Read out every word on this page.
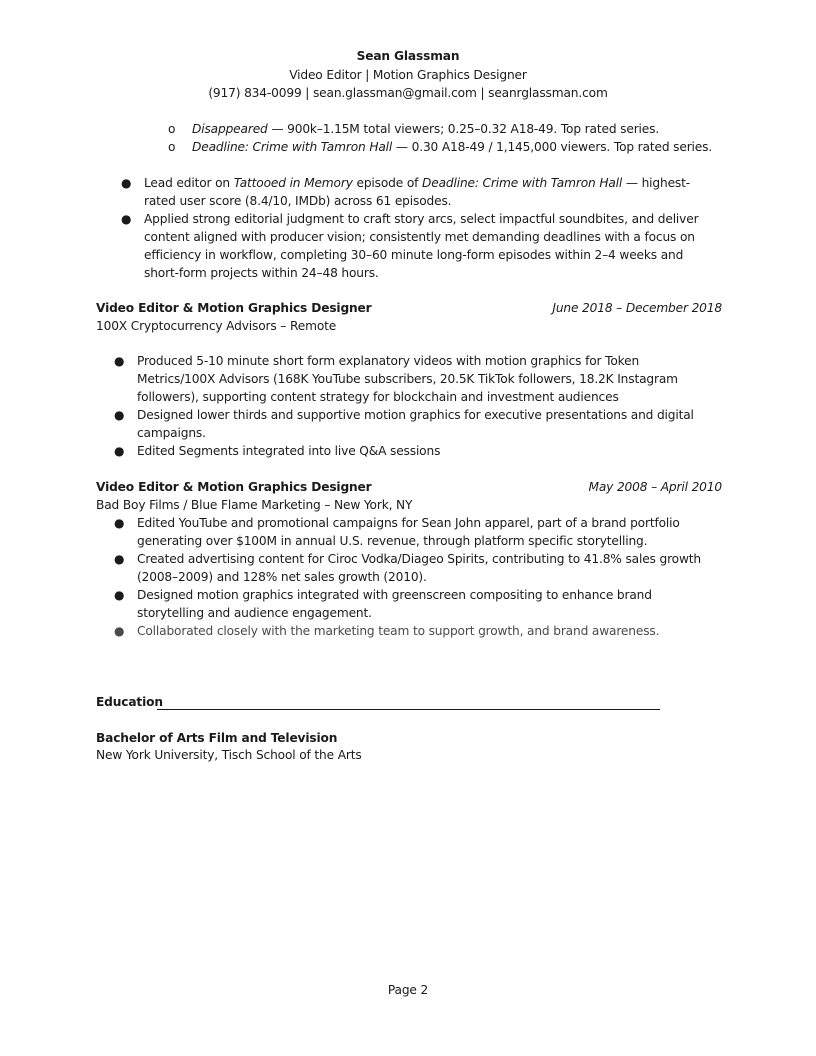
Sean Glassman
Video Editor | Motion Graphics Designer
(917) 834-0099 | sean.glassman@gmail.com | seanrglassman.com
o Disappeared — 900k–1.15M total viewers; 0.25–0.32 A18-49. Top rated series.
o Deadline: Crime with Tamron Hall — 0.30 A18-49 / 1,145,000 viewers. Top rated series.
● Lead editor on Tattooed in Memory episode of Deadline: Crime with Tamron Hall — highest-rated user score (8.4/10, IMDb) across 61 episodes.
● Applied strong editorial judgment to craft story arcs, select impactful soundbites, and deliver content aligned with producer vision; consistently met demanding deadlines with a focus on efficiency in workflow, completing 30–60 minute long-form episodes within 2–4 weeks and short-form projects within 24–48 hours.
Video Editor & Motion Graphics Designer	June 2018 – December 2018
100X Cryptocurrency Advisors – Remote
● Produced 5-10 minute short form explanatory videos with motion graphics for Token Metrics/100X Advisors (168K YouTube subscribers, 20.5K TikTok followers, 18.2K Instagram followers), supporting content strategy for blockchain and investment audiences
● Designed lower thirds and supportive motion graphics for executive presentations and digital campaigns.
● Edited Segments integrated into live Q&A sessions
Video Editor & Motion Graphics Designer	May 2008 – April 2010
Bad Boy Films / Blue Flame Marketing – New York, NY
● Edited YouTube and promotional campaigns for Sean John apparel, part of a brand portfolio generating over $100M in annual U.S. revenue, through platform specific storytelling.
● Created advertising content for Ciroc Vodka/Diageo Spirits, contributing to 41.8% sales growth (2008–2009) and 128% net sales growth (2010).
● Designed motion graphics integrated with greenscreen compositing to enhance brand storytelling and audience engagement.
● Collaborated closely with the marketing team to support growth, and brand awareness.
Education
Bachelor of Arts Film and Television
New York University, Tisch School of the Arts
Page 2
